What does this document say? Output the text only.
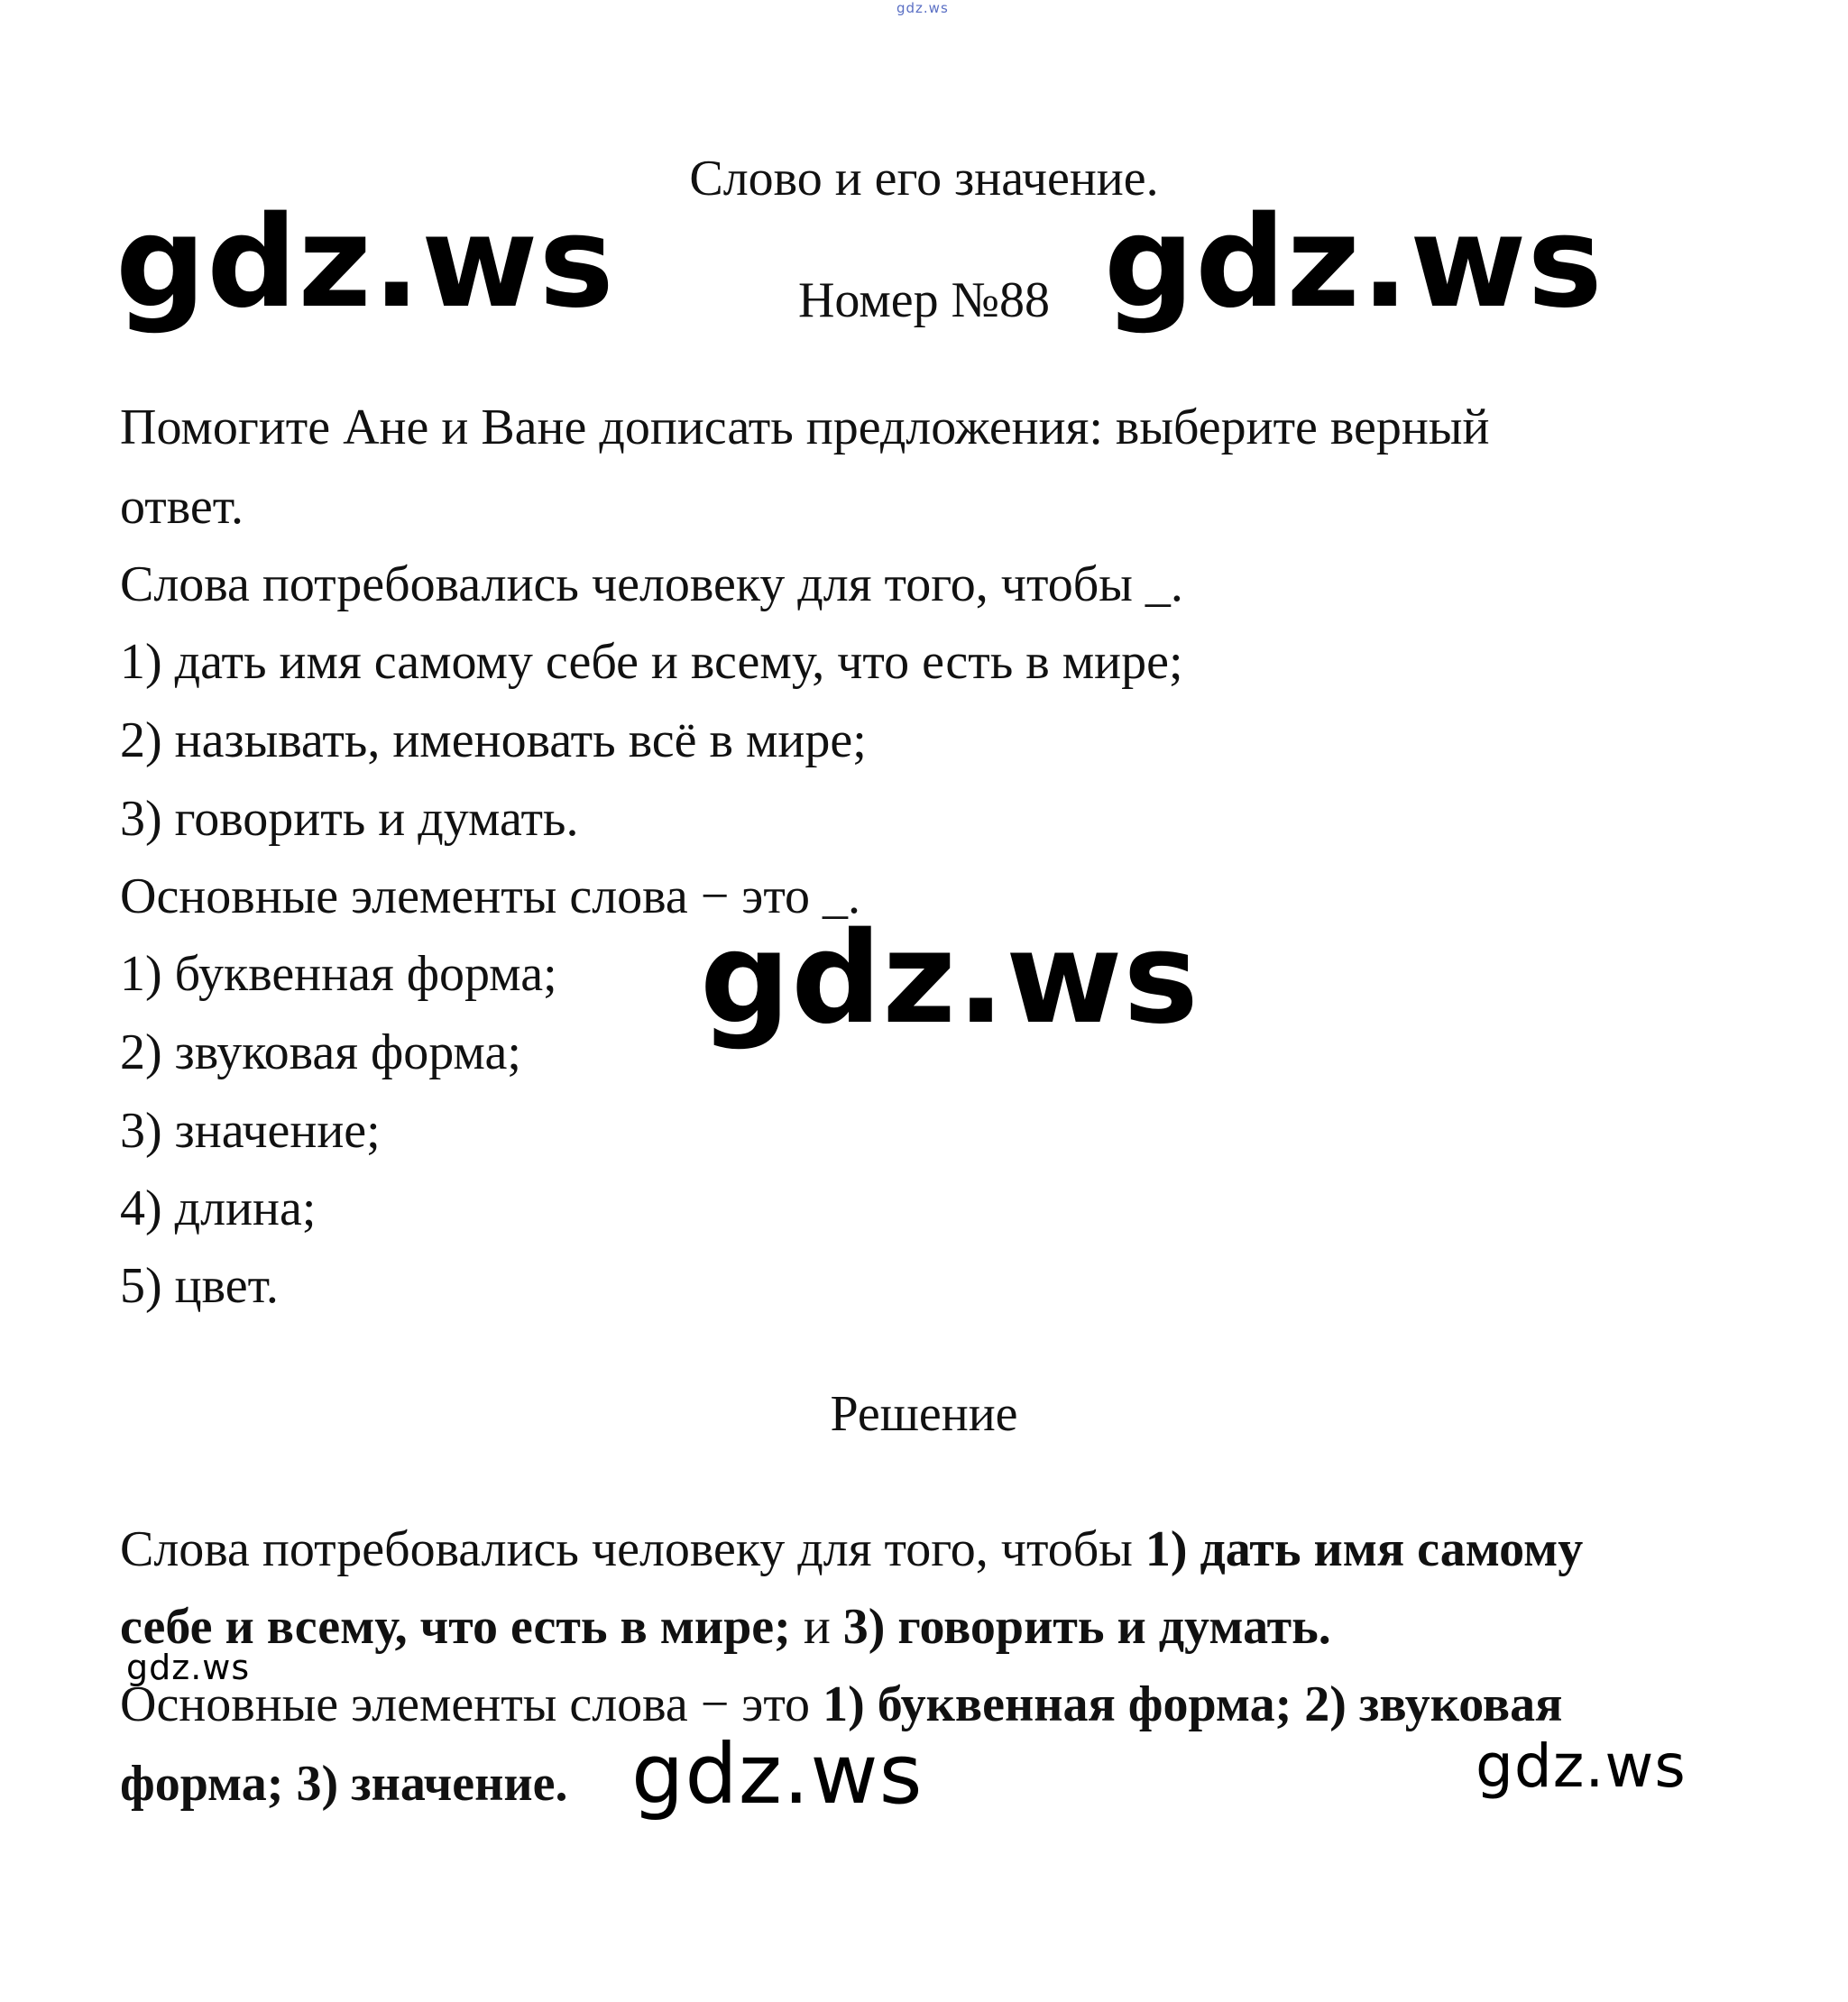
gdz.ws
gdz.ws	gdz.ws
gdz.ws
gdz.ws
gdz.ws	gdz.ws
Слово и его значение.
Номер №88
Помогите Ане и Ване дописать предложения: выберите верный
ответ.
Слова потребовались человеку для того, чтобы _.
1) дать имя самому себе и всему, что есть в мире;
2) называть, именовать всё в мире;
3) говорить и думать.
Основные элементы слова − это _.
1) буквенная форма;
2) звуковая форма;
3) значение;
4) длина;
5) цвет.
Решение
Слова потребовались человеку для того, чтобы 1) дать имя самому
себе и всему, что есть в мире; и 3) говорить и думать.
Основные элементы слова − это 1) буквенная форма; 2) звуковая
форма; 3) значение.
